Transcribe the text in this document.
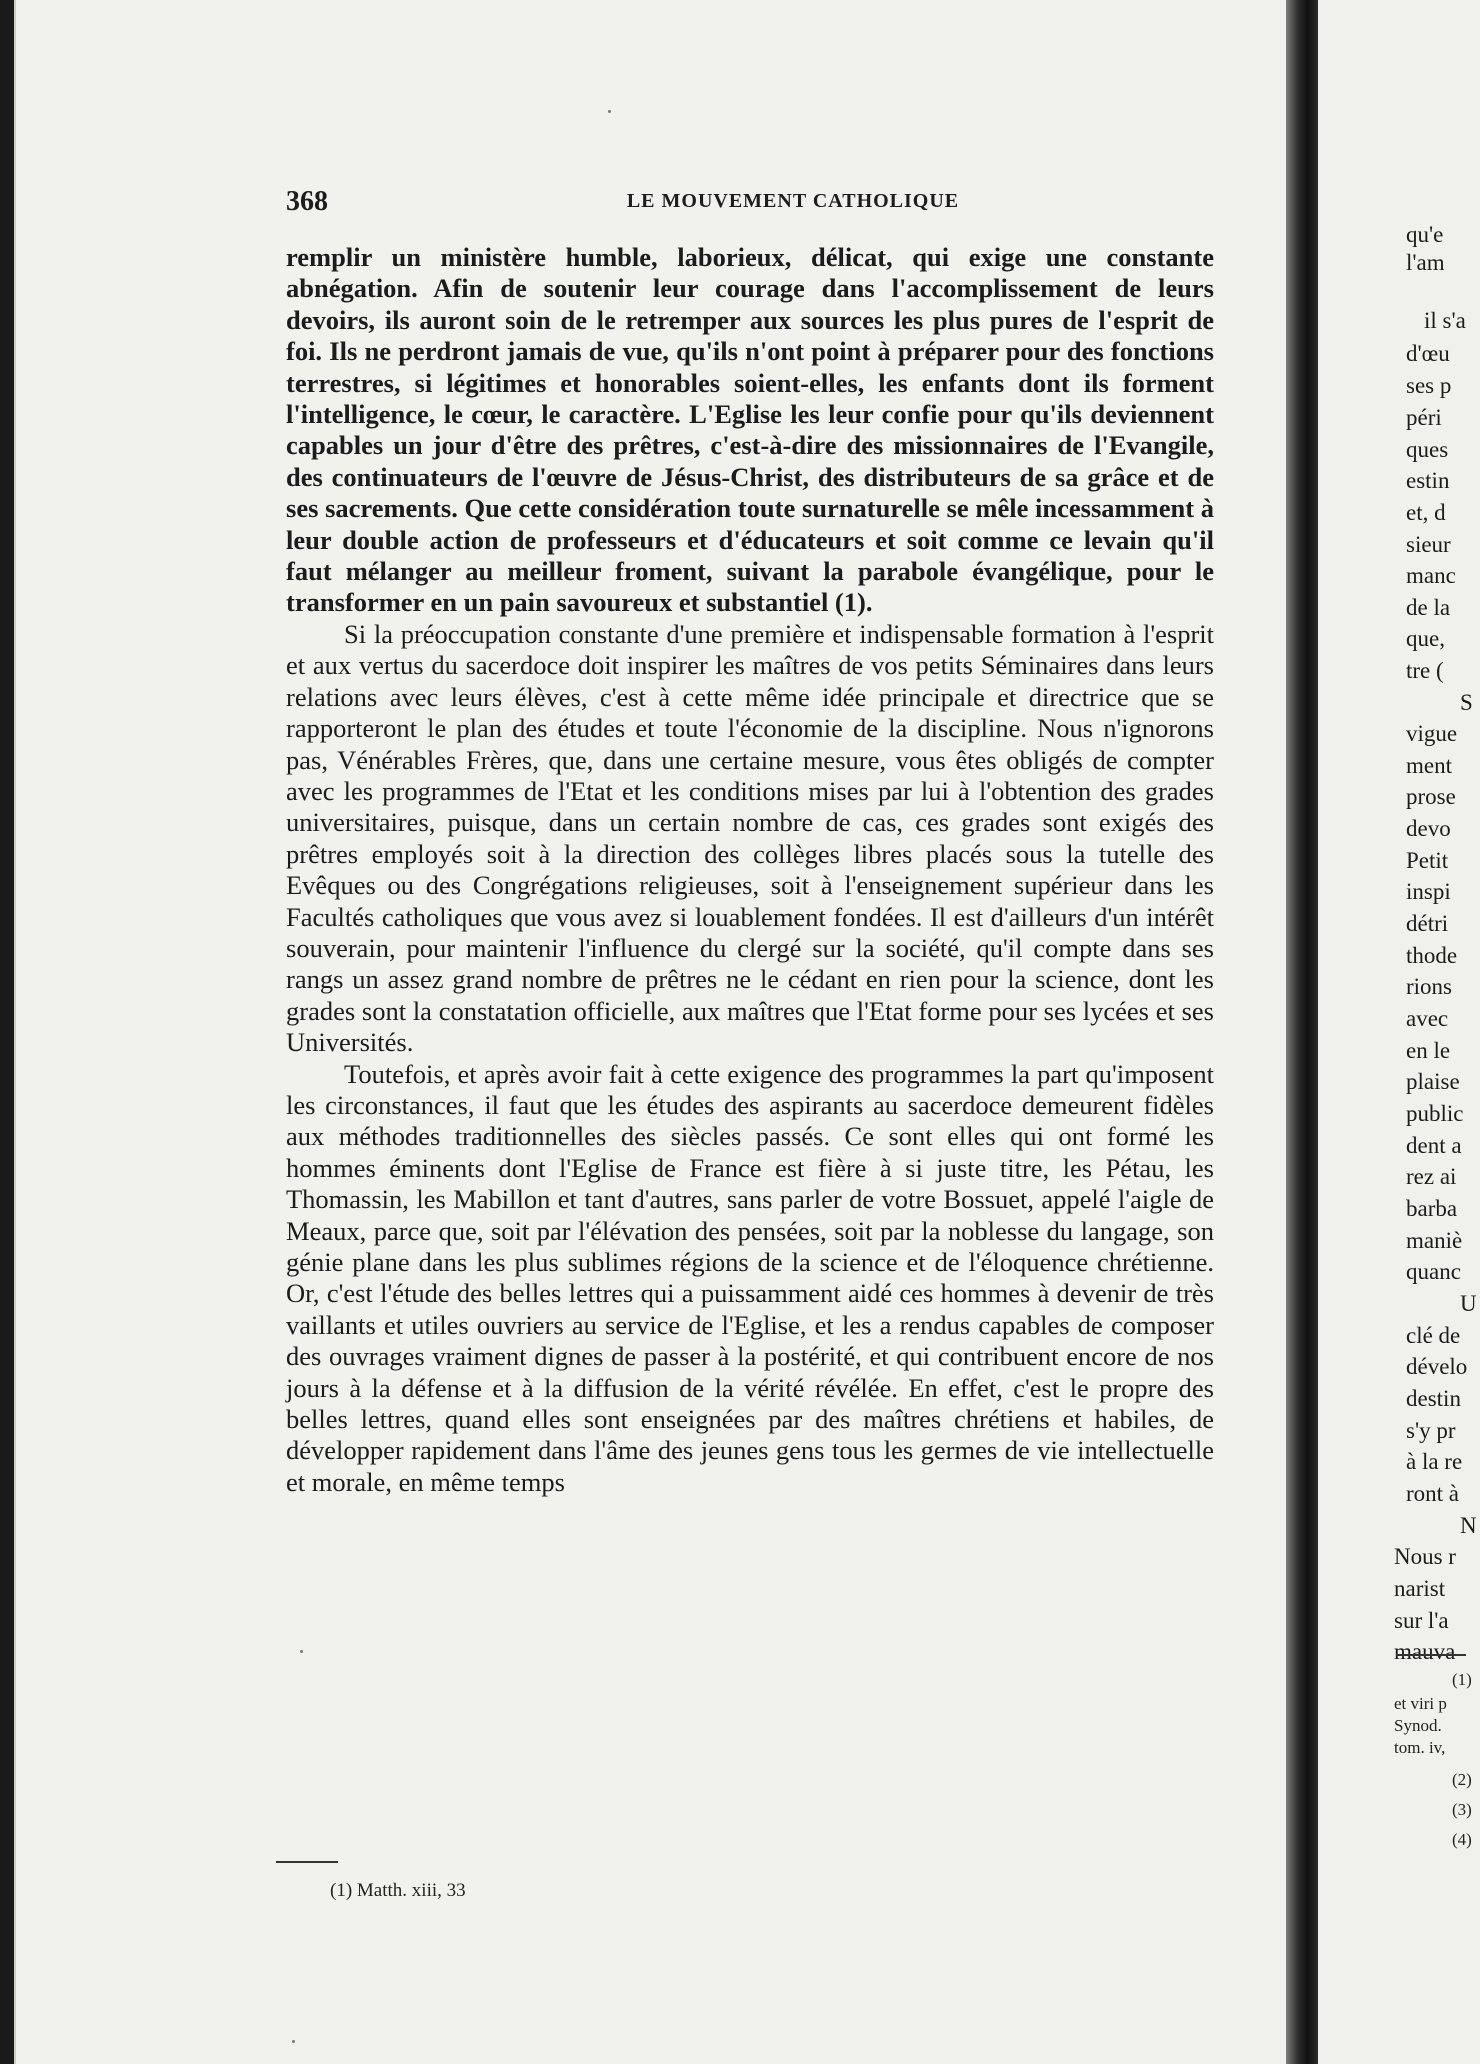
368	LE MOUVEMENT CATHOLIQUE

remplir un ministère humble, laborieux, délicat, qui exige une constante abnégation. Afin de soutenir leur courage dans l'accomplissement de leurs devoirs, ils auront soin de le retremper aux sources les plus pures de l'esprit de foi. Ils ne perdront jamais de vue, qu'ils n'ont point à préparer pour des fonctions terrestres, si légitimes et honorables soient-elles, les enfants dont ils forment l'intelligence, le cœur, le caractère. L'Eglise les leur confie pour qu'ils deviennent capables un jour d'être des prêtres, c'est-à-dire des missionnaires de l'Evangile, des continuateurs de l'œuvre de Jésus-Christ, des distributeurs de sa grâce et de ses sacrements. Que cette considération toute surnaturelle se mêle incessamment à leur double action de professeurs et d'éducateurs et soit comme ce levain qu'il faut mélanger au meilleur froment, suivant la parabole évangélique, pour le transformer en un pain savoureux et substantiel (1).

Si la préoccupation constante d'une première et indispensable formation à l'esprit et aux vertus du sacerdoce doit inspirer les maîtres de vos petits Séminaires dans leurs relations avec leurs élèves, c'est à cette même idée principale et directrice que se rapporteront le plan des études et toute l'économie de la discipline. Nous n'ignorons pas, Vénérables Frères, que, dans une certaine mesure, vous êtes obligés de compter avec les programmes de l'Etat et les conditions mises par lui à l'obtention des grades universitaires, puisque, dans un certain nombre de cas, ces grades sont exigés des prêtres employés soit à la direction des collèges libres placés sous la tutelle des Evêques ou des Congrégations religieuses, soit à l'enseignement supérieur dans les Facultés catholiques que vous avez si louablement fondées. Il est d'ailleurs d'un intérêt souverain, pour maintenir l'influence du clergé sur la société, qu'il compte dans ses rangs un assez grand nombre de prêtres ne le cédant en rien pour la science, dont les grades sont la constatation officielle, aux maîtres que l'Etat forme pour ses lycées et ses Universités.

Toutefois, et après avoir fait à cette exigence des programmes la part qu'imposent les circonstances, il faut que les études des aspirants au sacerdoce demeurent fidèles aux méthodes traditionnelles des siècles passés. Ce sont elles qui ont formé les hommes éminents dont l'Eglise de France est fière à si juste titre, les Pétau, les Thomassin, les Mabillon et tant d'autres, sans parler de votre Bossuet, appelé l'aigle de Meaux, parce que, soit par l'élévation des pensées, soit par la noblesse du langage, son génie plane dans les plus sublimes régions de la science et de l'éloquence chrétienne. Or, c'est l'étude des belles lettres qui a puissamment aidé ces hommes à devenir de très vaillants et utiles ouvriers au service de l'Eglise, et les a rendus capables de composer des ouvrages vraiment dignes de passer à la postérité, et qui contribuent encore de nos jours à la défense et à la diffusion de la vérité révélée. En effet, c'est le propre des belles lettres, quand elles sont enseignées par des maîtres chrétiens et habiles, de développer rapidement dans l'âme des jeunes gens tous les germes de vie intellectuelle et morale, en même temps

(1) Matth. xiii, 33
qu'e
l'am
il s'a
d'œu
ses p
péri
ques
estin
et, d
sieur
manc
de la
que,
tre (
S
vigue
ment
prose
devo
Petit
inspi
détri
thode
rions
avec
en le
plaise
public
dent a
rez ai
barba
maniè
quanc
U
clé de
dévelo
destin
s'y pr
à la re
ront à
N
Nous r
narist
sur l'a
mauva
(1)
et viri p
Synod.
tom. iv,
(2)
(3)
(4)
